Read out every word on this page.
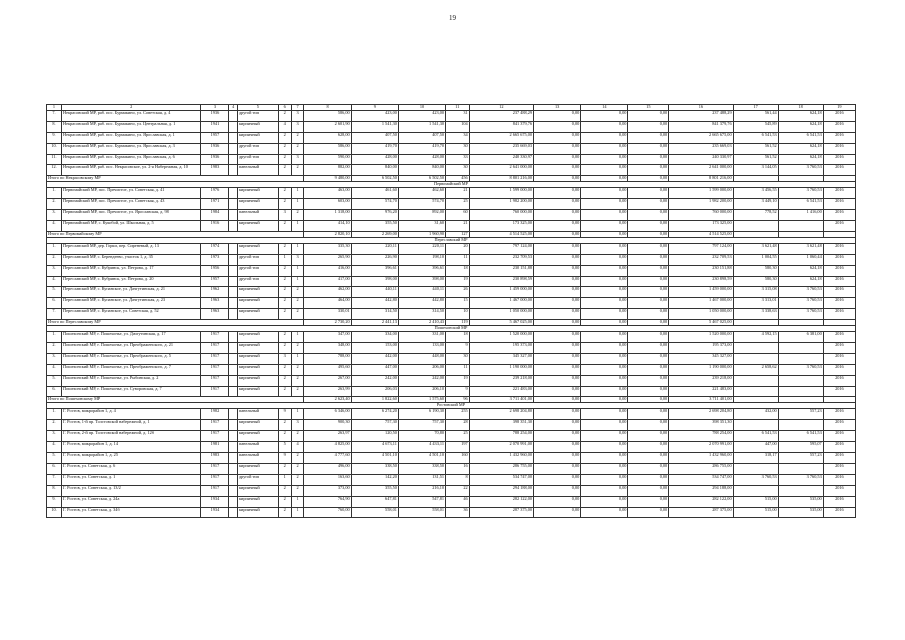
19
1	2	3	4	5	6	7	8	9	10	11	12	13	14	15	16	17	18	19
7.	Некрасовский МР, раб. пос. Бурмакино, ул. Советская, д. 4	1936		другой тип	2	3	586,00	423,00	423,00	31	237 488,29	0,00	0,00	0,00	237 488,29	561,44	624,18	2016
8.	Некрасовский МР, раб. пос. Бурмакино, ул. Центральная, д. 1	1941		кирпичный	4	3	2 601,90	1 541,30	1 541,30	104	841 379,76	0,00	0,00	0,00	841 379,76	545,89	624,18	2016
9.	Некрасовский МР, раб. пос. Бурмакино, ул. Ярославская, д. 1	1957		кирпичный	2	2	628,00	407,50	407,50	34	2 665 675,00	0,00	0,00	0,00	2 665 675,00	6 541,53	6 541,53	2016
10.	Некрасовский МР, раб. пос. Бурмакино, ул. Ярославская, д. 3	1936		другой тип	2	2	586,00	419,70	419,70	30	235 669,03	0,00	0,00	0,00	235 669,03	561,52	624,18	2016
11.	Некрасовский МР, раб. пос. Бурмакино, ул. Ярославская, д. 6	1936		другой тип	2	3	590,00	428,00	428,00	33	240 330,97	0,00	0,00	0,00	240 330,97	561,52	624,18	2016
12.	Некрасовский МР, раб. пос. Некрасовское, ул. 2-я Набережная, д. 10	1983		панельный	2	2	882,00	840,00	840,00	30	2 641 000,00	0,00	0,00	0,00	2 641 000,00	3 144,05	3 760,53	2016
Итого по Некрасовскому МР							9 480,00	6 502,50	6 502,50	456	8 801 216,00	0,00	0,00	0,00	8 801 216,00			
Первомайский МР																		
1.	Первомайский МР, пос. Пречистое, ул. Советская, д. 41	1976		кирпичный	2	1	463,00	461,60	462,60	21	1 599 000,00	0,00	0,00	0,00	1 599 000,00	3 456,55	3 760,53	2016
2.	Первомайский МР, пос. Пречистое, ул. Советская, д. 43	1971		кирпичный	2	1	603,00	574,70	574,70	25	1 982 200,00	0,00	0,00	0,00	1 982 200,00	3 449,10	6 541,53	2016
3.	Первомайский МР, пос. Пречистое, ул. Ярославская, д. 98	1984		панельный	3	2	1 318,00	976,20	892,00	60	760 000,00	0,00	0,00	0,00	760 000,00	778,52	1 416,00	2016
4.	Первомайский МР, с. Кукобой, ул. Школьная, д. 5	1916		кирпичный	2	1	414,10	355,50	31,60	21	173 325,00	0,00	0,00	0,00	173 325,00			2016
Итого по Первомайскому МР							2 820,10	2 269,00	1 960,90	127	4 514 525,00	0,00	0,00	0,00	4 514 525,00			
Переславский МР																		
1.	Переславский МР, дер. Горки, пер. Сиреневый, д. 13	1974		кирпичный	2	1	335,30	220,11	220,11	20	797 124,00	0,00	0,00	0,00	797 124,00	3 621,48	3 621,48	2016
2.	Переславский МР, с. Берендеево, участок 1, д. 35	1973		другой тип	1	3	265,90	226,90	198,10	11	232 709,53	0,00	0,00	0,00	232 709,53	1 004,55	1 060,44	2016
3.	Переславский МР, с. Кубринск, ул. Петрова, д. 17	1956		другой тип	2	1	416,00	396,61	396,61	18	230 151,88	0,00	0,00	0,00	230 151,88	580,30	624,18	2016
4.	Переславский МР, с. Кубринск, ул. Петрова, д. 20	1957		другой тип	2	1	417,00	398,00	398,00	19	230 898,59	0,00	0,00	0,00	230 898,59	580,30	624,18	2016
5.	Переславский МР, с. Купанское, ул. Дачгутинская, д. 21	1962		кирпичный	2	2	462,00	440,11	440,11	26	1 459 000,00	0,00	0,00	0,00	1 459 000,00	3 315,08	3 760,53	2016
6.	Переславский МР, с. Купанское, ул. Дачгутинская, д. 23	1963		кирпичный	2	2	464,00	442,80	442,80	15	1 467 000,00	0,00	0,00	0,00	1 467 000,00	3 313,01	3 760,53	2016
7.	Переславский МР, с. Купанское, ул. Советская, д. 52	1963		кирпичный	2	2	330,01	314,50	314,50	10	1 050 000,00	0,00	0,00	0,00	1 050 000,00	3 338,63	3 760,53	2016
Итого по Переславскому МР							2 730,20	2 441,13	2 410,43	119	5 467 025,00	0,00	0,00	0,00	5 467 025,00			
Пошехонский МР																		
1.	Пошехонский МР, г. Пошехонье, ул. Дачгутинская, д. 17	1917		кирпичный	2	1	347,00	334,00	331,00	18	1 520 000,00	0,00	0,00	0,00	1 520 000,00	4 592,15	6 381,00	2016
2.	Пошехонский МР, г. Пошехонье, ул. Преображенского, д. 21	1917		кирпичный	2	2	348,00	153,00	133,00	9	195 373,00	0,00	0,00	0,00	195 373,00			2016
3.	Пошехонский МР, г. Пошехонье, ул. Преображенского, д. 5	1917		кирпичный	3	1	788,00	442,00	448,00	30	345 327,00	0,00	0,00	0,00	345 327,00			2016
4.	Пошехонский МР, г. Пошехонье, ул. Преображенского, д. 7	1917		кирпичный	2	2	495,60	447,00	206,00	11	1 190 000,00	0,00	0,00	0,00	1 190 000,00	2 658,62	3 760,53	2016
5.	Пошехонский МР, г. Пошехонье, ул. Рыбинская, д. 2	1917		кирпичный	2	2	267,00	242,00	242,00	19	239 218,00	0,00	0,00	0,00	239 218,00			2016
6.	Пошехонский МР, г. Пошехонье, ул. Суворовская, д. 7	1917		кирпичный	2	2	263,99	206,03	206,10	9	221 483,00	0,00	0,00	0,00	221 483,00			2016
Итого по Пошехонскому МР							2 623,40	1 822,60	1 575,60	96	3 711 401,00	0,00	0,00	0,00	3 711 401,00			
Ростовский МР																		
1.	Г. Ростов, микрорайон 1, д. 4	1982		панельный	9	1	6 346,00	6 274,20	6 190,30	255	2 698 204,80	0,00	0,00	0,00	2 698 204,80	432,00	557,23	2016
2.	Г. Ростов, 1-й пр. Толстовской набережной, д. 1	1917		кирпичный	2	3	900,30	757,30	757,30	28	398 351,30	0,00	0,00	0,00	398 351,30			2016
3.	Г. Ростов, 2-й пр. Толстовской набережной, д. 12б	1917		кирпичный	2	2	263,97	120,50	70,80	25	788 254,00	0,00	0,00	0,00	788 254,00	6 541,53	6 541,53	2016
4.	Г. Ростов, микрорайон 1, д. 14	1981		панельный	5	4	4 825,00	4 673,11	4 433,11	197	2 070 991,00	0,00	0,00	0,00	2 070 991,00	447,00	595,07	2016
5.	Г. Ростов, микрорайон 1, д. 25	1983		панельный	9	2	4 777,60	4 501,10	4 501,10	160	1 432 960,00	0,00	0,00	0,00	1 432 960,00	318,17	557,23	2016
6.	Г. Ростов, ул. Советская, д. 6	1917		кирпичный	2	2	496,00	338,50	338,50	16	286 755,00	0,00	0,00	0,00	286 755,00			2016
7.	Г. Ростов, ул. Советская, д. 1	1917		другой тип	1	2	163,60	142,20	131,51	8	534 747,00	0,00	0,00	0,00	534 747,00	3 760,53	3 760,53	2016
8.	Г. Ростов, ул. Советская, д. 13/2	1917		кирпичный	2	2	373,00	355,50	216,10	22	294 188,00	0,00	0,00	0,00	294 188,00			2016
9.	Г. Ростов, ул. Советская, д. 24а	1934		кирпичный	2	1	764,90	647,81	547,81	46	282 122,00	0,00	0,00	0,00	282 122,00	515,00	535,00	2016
10.	Г. Ростов, ул. Советская, д. 34б	1934		кирпичный	2	1	760,00	558,01	558,01	36	287 375,00	0,00	0,00	0,00	287 375,00	515,00	535,00	2016
